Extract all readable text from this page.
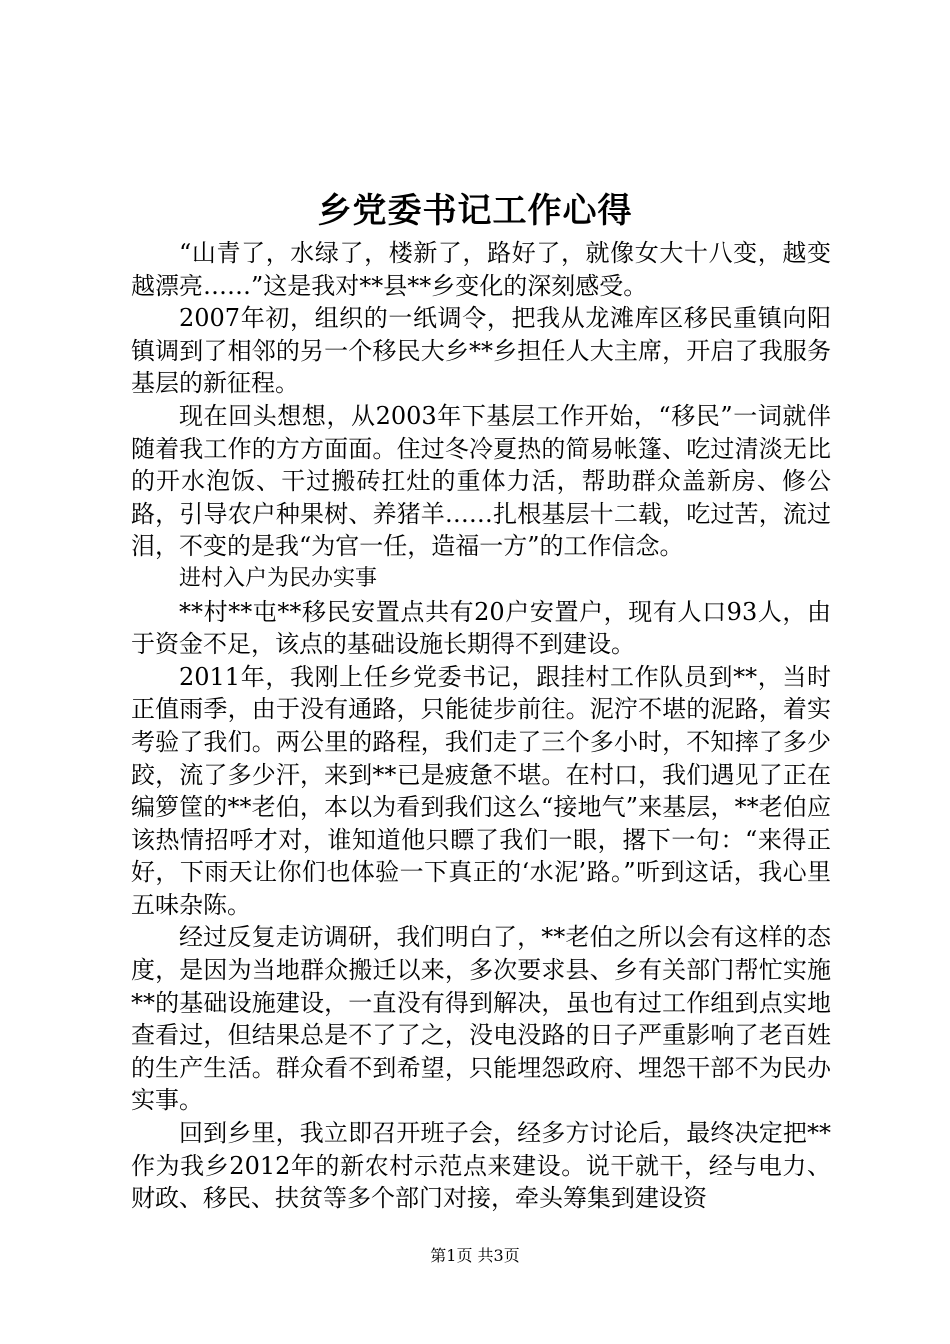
乡党委书记工作心得

“山青了，水绿了，楼新了，路好了，就像女大十八变，越变越漂亮……”这是我对**县**乡变化的深刻感受。

2007年初，组织的一纸调令，把我从龙滩库区移民重镇向阳镇调到了相邻的另一个移民大乡**乡担任人大主席，开启了我服务基层的新征程。

现在回头想想，从2003年下基层工作开始，“移民”一词就伴随着我工作的方方面面。住过冬冷夏热的简易帐篷、吃过清淡无比的开水泡饭、干过搬砖扛灶的重体力活，帮助群众盖新房、修公路，引导农户种果树、养猪羊……扎根基层十二载，吃过苦，流过泪，不变的是我“为官一任，造福一方”的工作信念。

进村入户为民办实事

**村**屯**移民安置点共有20户安置户，现有人口93人，由于资金不足，该点的基础设施长期得不到建设。

2011年，我刚上任乡党委书记，跟挂村工作队员到**，当时正值雨季，由于没有通路，只能徒步前往。泥泞不堪的泥路，着实考验了我们。两公里的路程，我们走了三个多小时，不知摔了多少跤，流了多少汗，来到**已是疲惫不堪。在村口，我们遇见了正在编箩筐的**老伯，本以为看到我们这么“接地气”来基层，**老伯应该热情招呼才对，谁知道他只瞟了我们一眼，撂下一句：“来得正好，下雨天让你们也体验一下真正的‘水泥’路。”听到这话，我心里五味杂陈。

经过反复走访调研，我们明白了，**老伯之所以会有这样的态度，是因为当地群众搬迁以来，多次要求县、乡有关部门帮忙实施**的基础设施建设，一直没有得到解决，虽也有过工作组到点实地查看过，但结果总是不了了之，没电没路的日子严重影响了老百姓的生产生活。群众看不到希望，只能埋怨政府、埋怨干部不为民办实事。

回到乡里，我立即召开班子会，经多方讨论后，最终决定把**作为我乡2012年的新农村示范点来建设。说干就干，经与电力、财政、移民、扶贫等多个部门对接，牵头筹集到建设资

第1页 共3页
